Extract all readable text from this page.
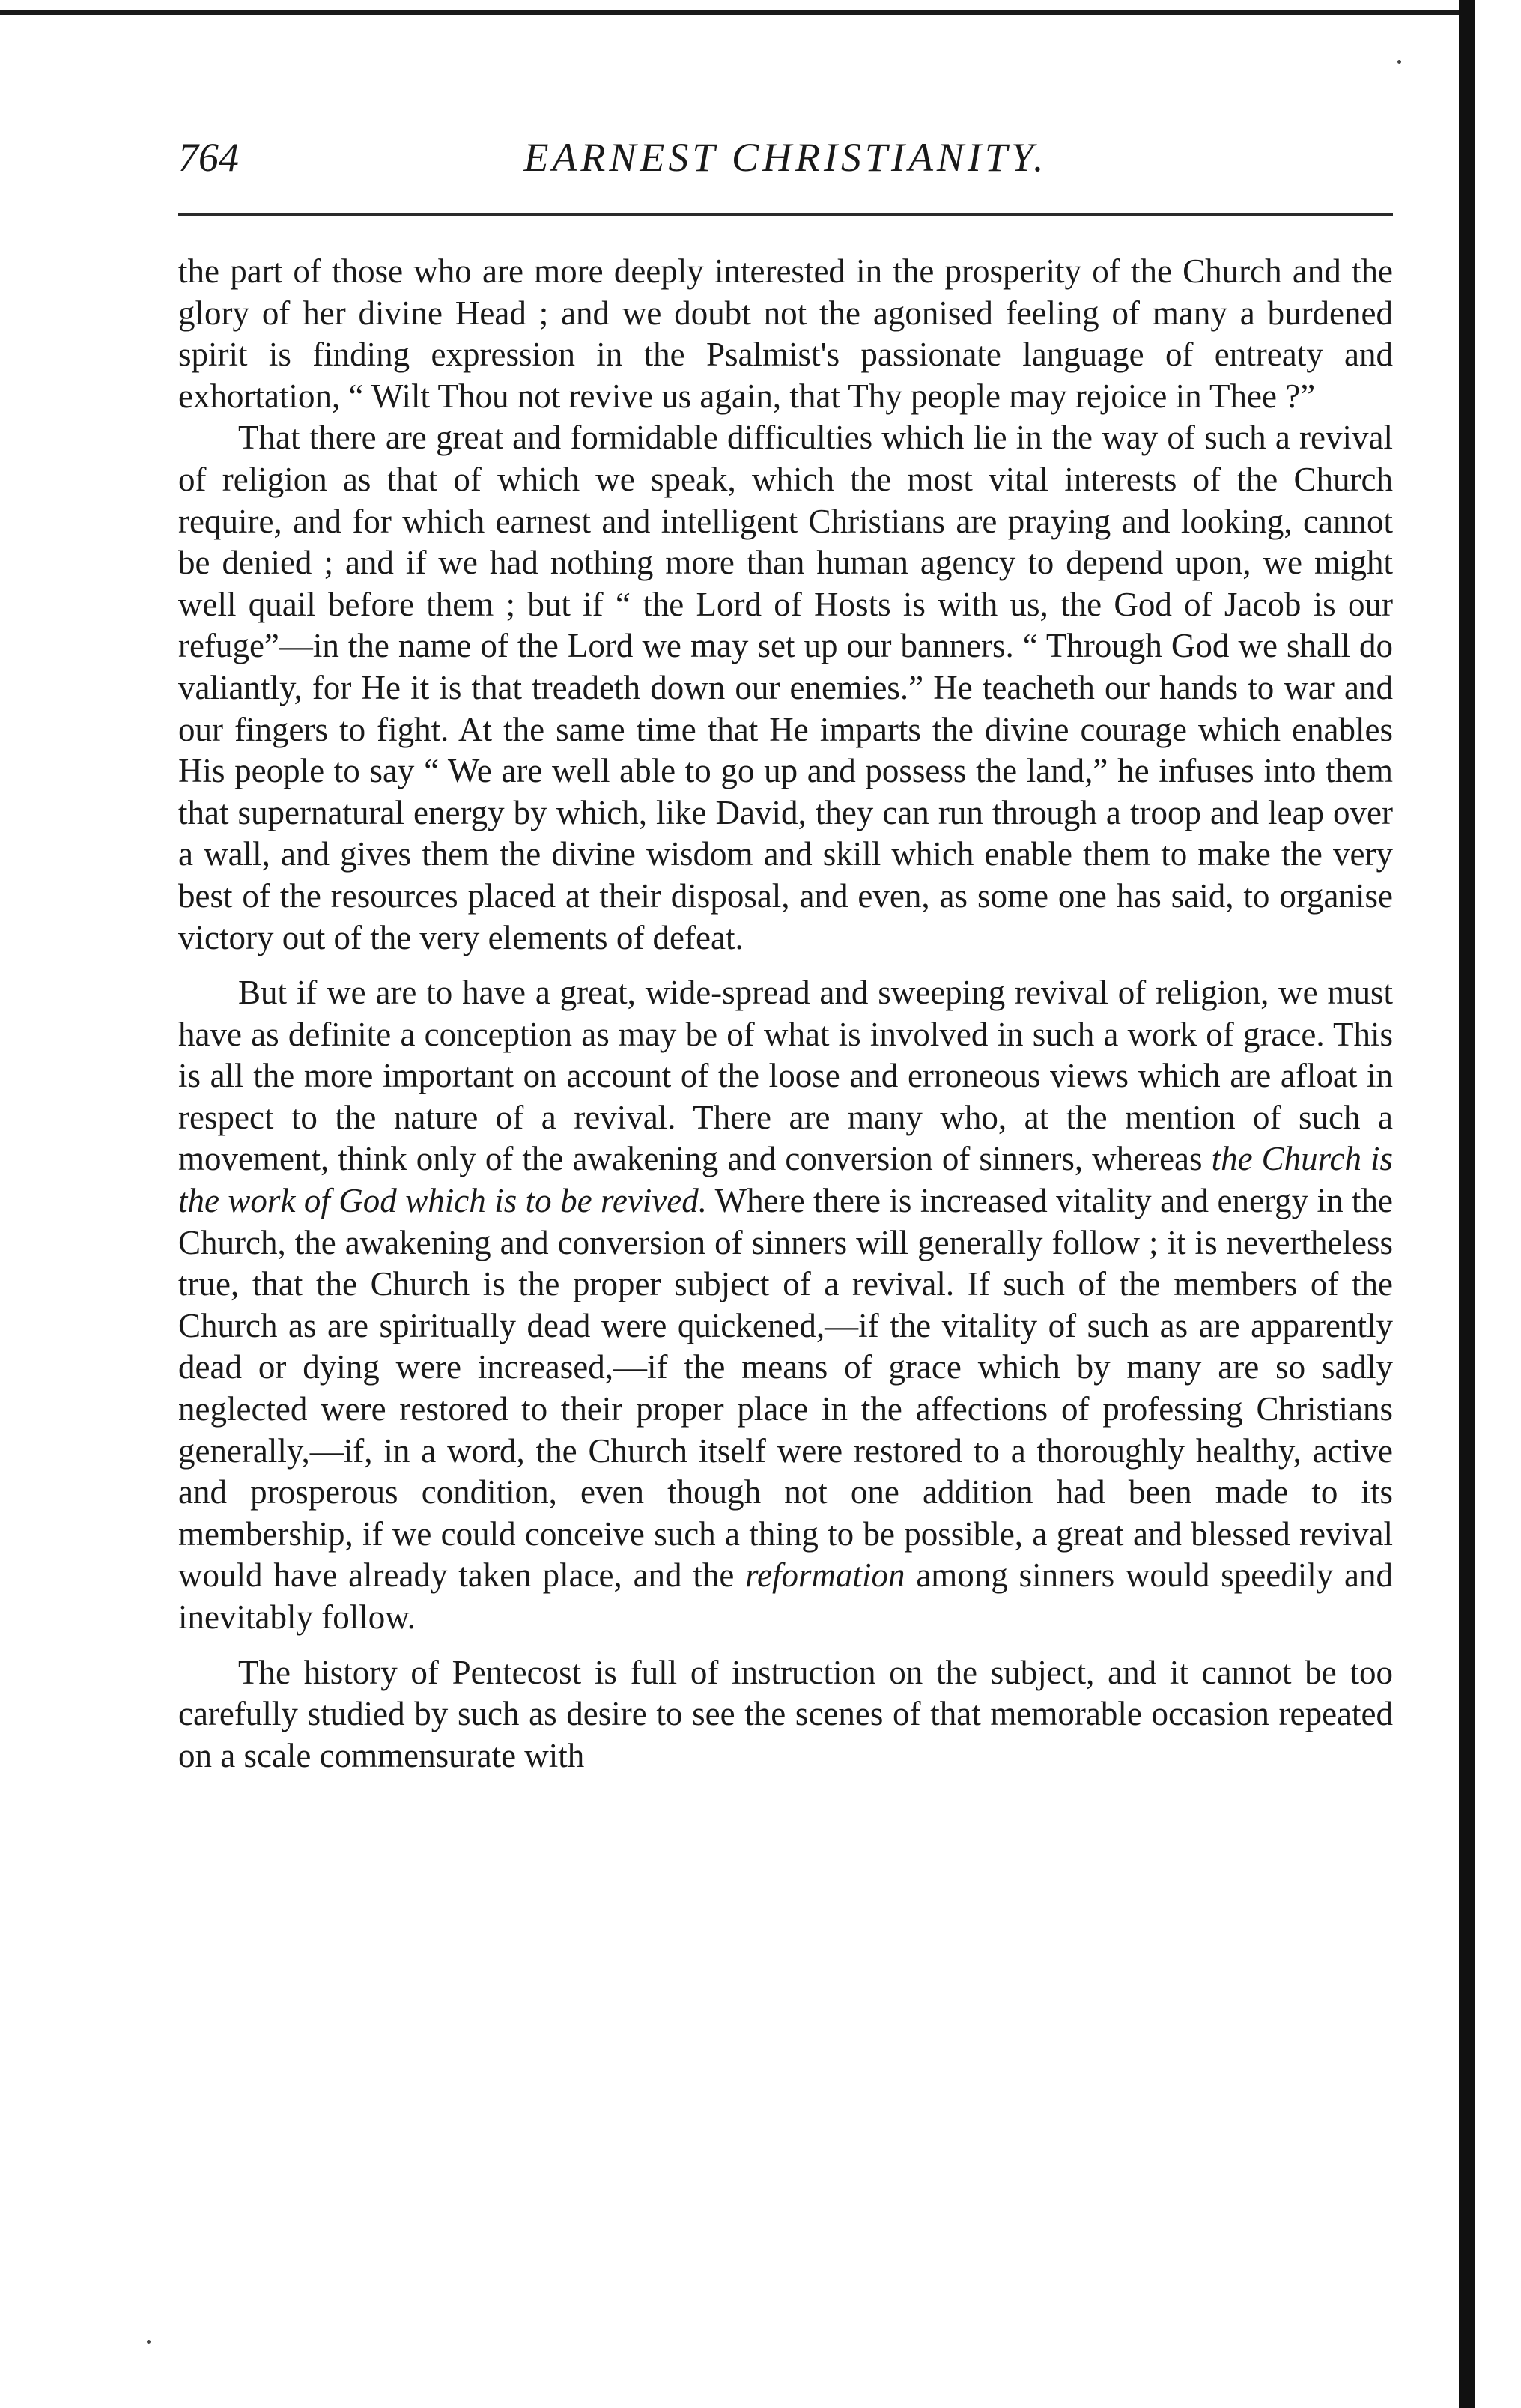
764	EARNEST CHRISTIANITY.

the part of those who are more deeply interested in the prosperity of the Church and the glory of her divine Head ; and we doubt not the agonised feeling of many a burdened spirit is finding expression in the Psalmist's passionate language of entreaty and exhortation, “ Wilt Thou not revive us again, that Thy people may rejoice in Thee ?”

That there are great and formidable difficulties which lie in the way of such a revival of religion as that of which we speak, which the most vital interests of the Church require, and for which earnest and intelligent Christians are praying and looking, cannot be denied ; and if we had nothing more than human agency to depend upon, we might well quail before them ; but if “ the Lord of Hosts is with us, the God of Jacob is our refuge”—in the name of the Lord we may set up our banners. “ Through God we shall do valiantly, for He it is that treadeth down our enemies.” He teacheth our hands to war and our fingers to fight. At the same time that He imparts the divine courage which enables His people to say “ We are well able to go up and possess the land,” he infuses into them that supernatural energy by which, like David, they can run through a troop and leap over a wall, and gives them the divine wisdom and skill which enable them to make the very best of the resources placed at their disposal, and even, as some one has said, to organise victory out of the very elements of defeat.

But if we are to have a great, wide-spread and sweeping revival of religion, we must have as definite a conception as may be of what is involved in such a work of grace. This is all the more important on account of the loose and erroneous views which are afloat in respect to the nature of a revival. There are many who, at the mention of such a movement, think only of the awakening and conversion of sinners, whereas the Church is the work of God which is to be revived. Where there is increased vitality and energy in the Church, the awakening and conversion of sinners will generally follow ; it is nevertheless true, that the Church is the proper subject of a revival. If such of the members of the Church as are spiritually dead were quickened,—if the vitality of such as are apparently dead or dying were increased,—if the means of grace which by many are so sadly neglected were restored to their proper place in the affections of professing Christians generally,—if, in a word, the Church itself were restored to a thoroughly healthy, active and prosperous condition, even though not one addition had been made to its membership, if we could conceive such a thing to be possible, a great and blessed revival would have already taken place, and the reformation among sinners would speedily and inevitably follow.

The history of Pentecost is full of instruction on the subject, and it cannot be too carefully studied by such as desire to see the scenes of that memorable occasion repeated on a scale commensurate with
